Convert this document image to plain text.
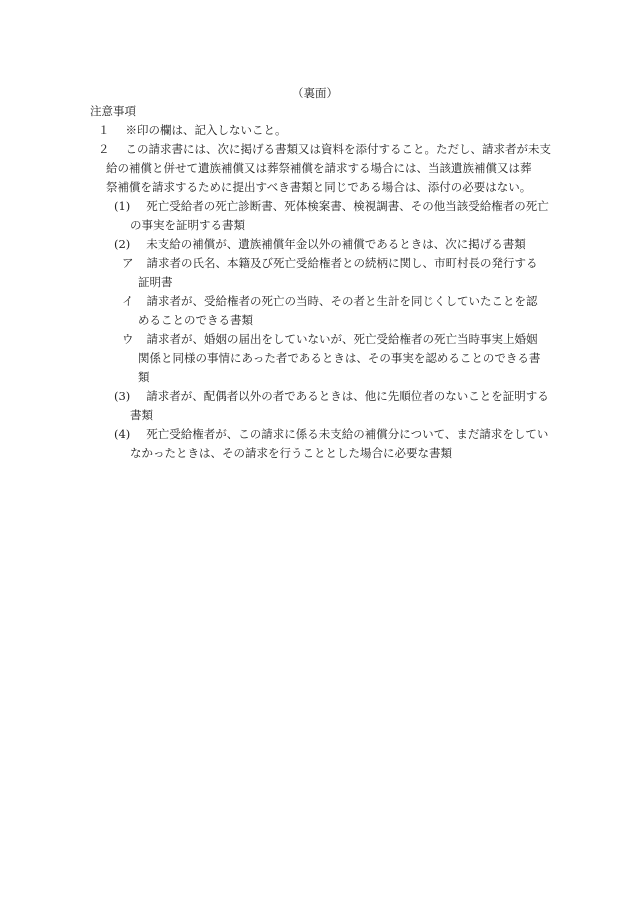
（裏面）
注意事項
１ ※印の欄は、記入しないこと。
２ この請求書には、次に掲げる書類又は資料を添付すること。ただし、請求者が未支
給の補償と併せて遺族補償又は葬祭補償を請求する場合には、当該遺族補償又は葬
祭補償を請求するために提出すべき書類と同じである場合は、添付の必要はない。
(1) 死亡受給者の死亡診断書、死体検案書、検視調書、その他当該受給権者の死亡
の事実を証明する書類
(2) 未支給の補償が、遺族補償年金以外の補償であるときは、次に掲げる書類
ア 請求者の氏名、本籍及び死亡受給権者との続柄に関し、市町村長の発行する
証明書
イ 請求者が、受給権者の死亡の当時、その者と生計を同じくしていたことを認
めることのできる書類
ウ 請求者が、婚姻の届出をしていないが、死亡受給権者の死亡当時事実上婚姻
関係と同様の事情にあった者であるときは、その事実を認めることのできる書
類
(3) 請求者が、配偶者以外の者であるときは、他に先順位者のないことを証明する
書類
(4) 死亡受給権者が、この請求に係る未支給の補償分について、まだ請求をしてい
なかったときは、その請求を行うこととした場合に必要な書類
